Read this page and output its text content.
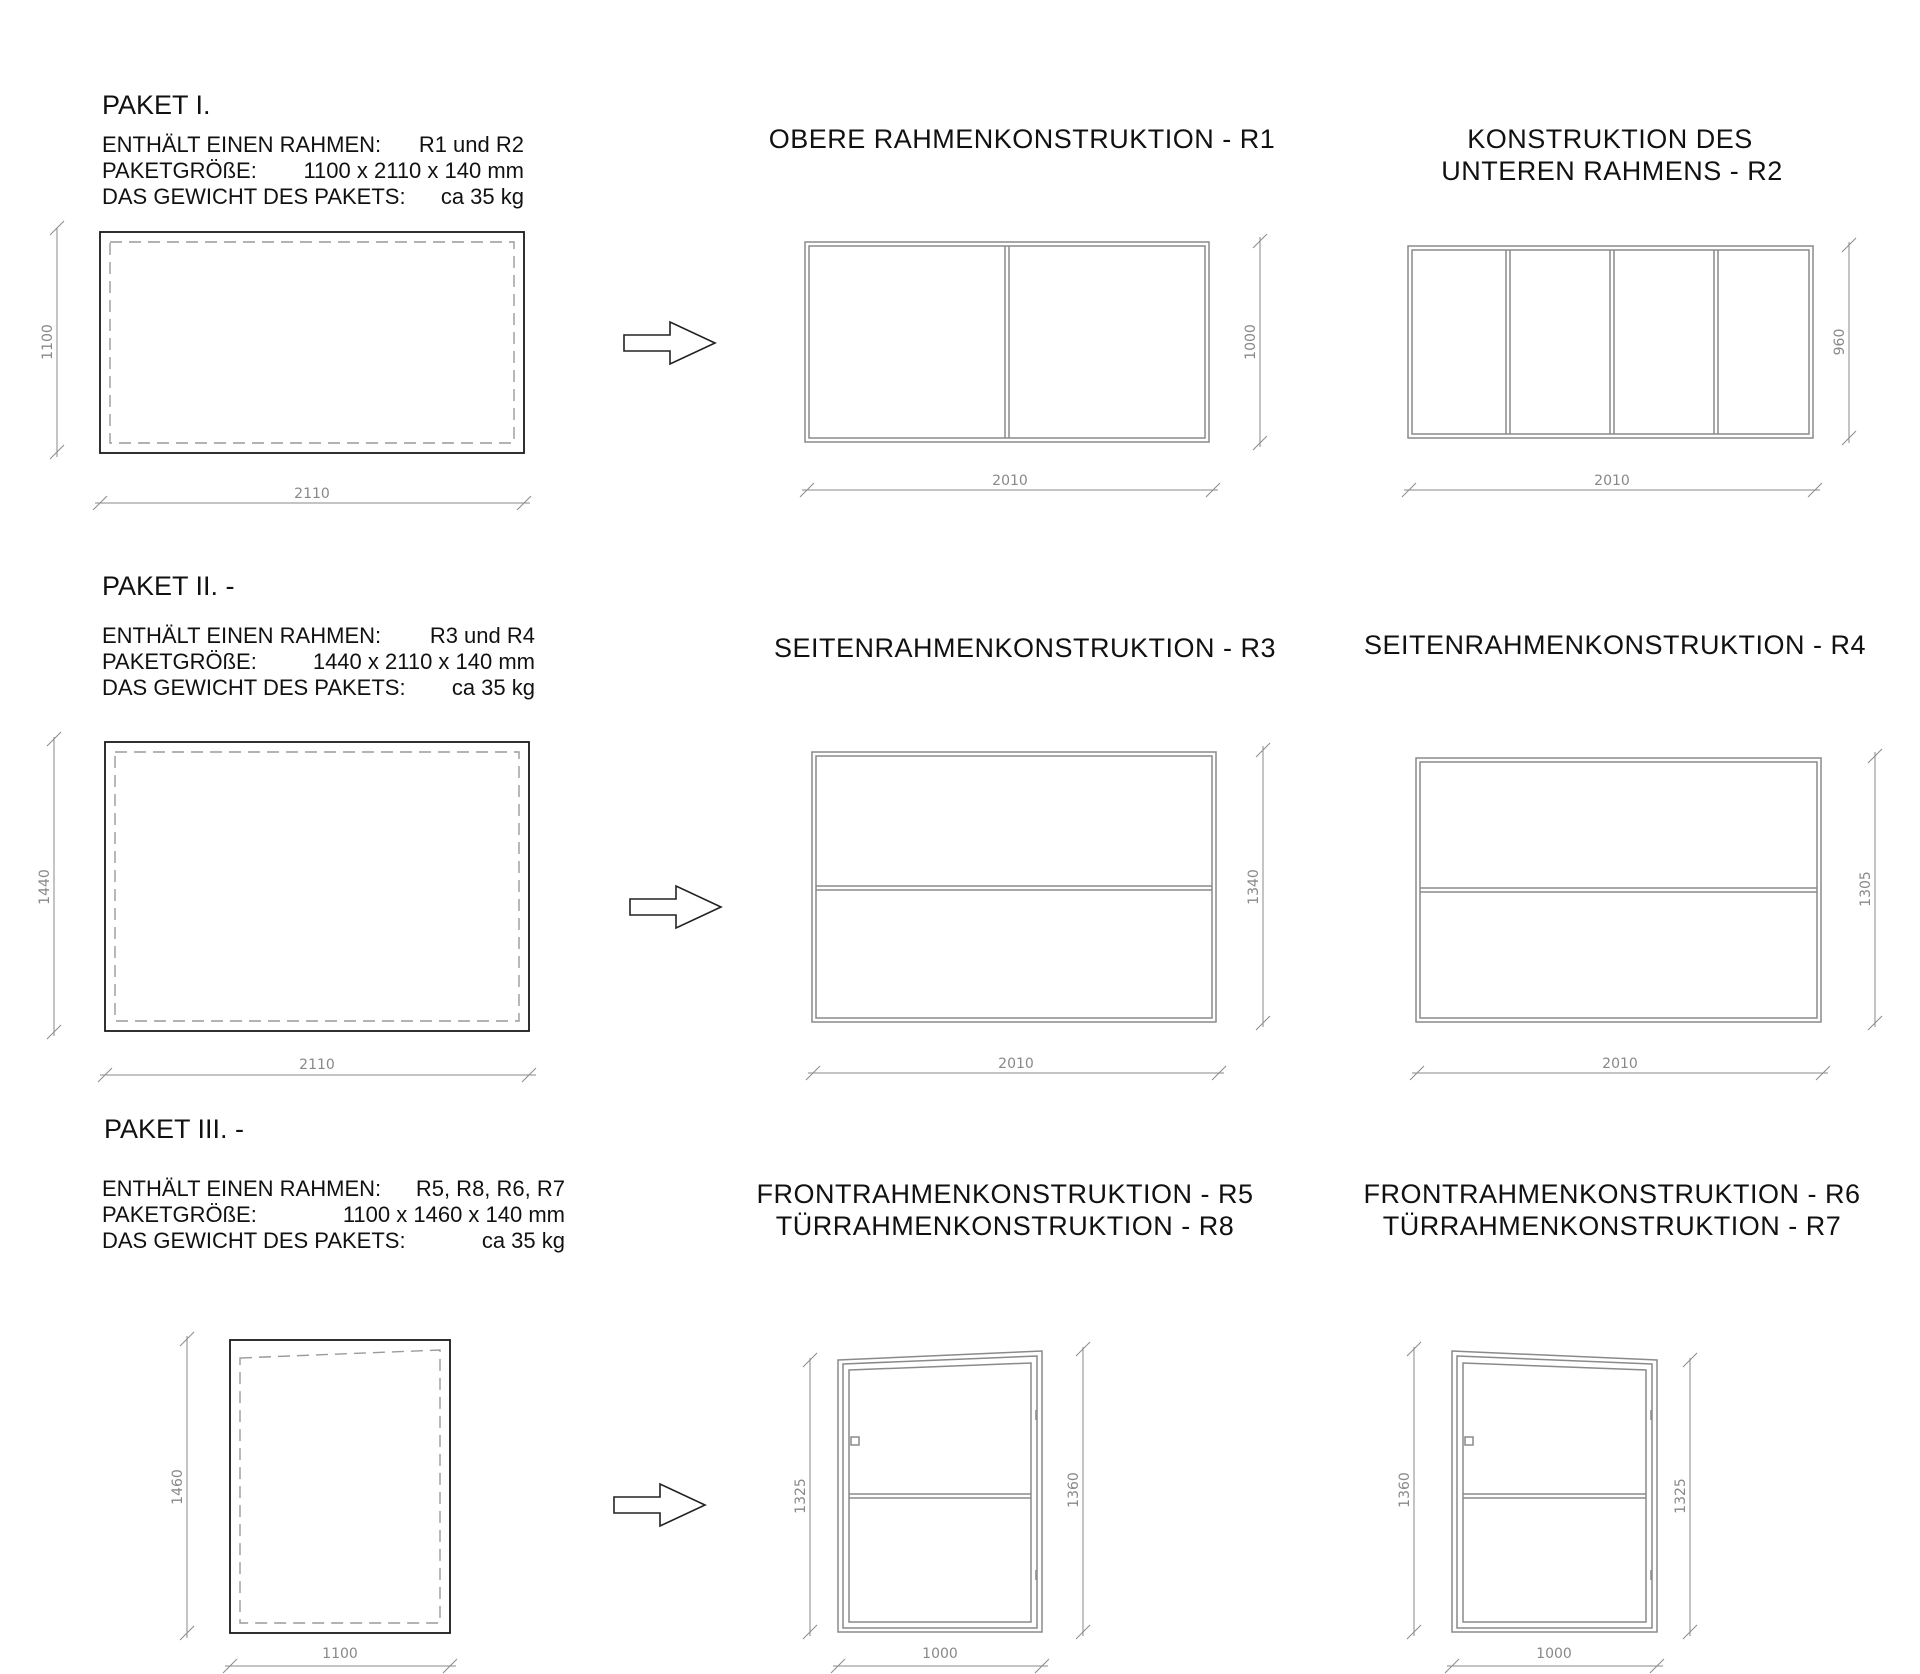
PAKET I.
ENTHÄLT EINEN RAHMEN: R1 und R2
PAKETGRÖßE: 1100 x 2110 x 140 mm
DAS GEWICHT DES PAKETS: ca 35 kg
1100
2110
OBERE RAHMENKONSTRUKTION - R1
1000
2010
KONSTRUKTION DES
UNTEREN RAHMENS - R2
960
2010
PAKET II. -
ENTHÄLT EINEN RAHMEN: R3 und R4
PAKETGRÖßE:	1440 x 2110 x 140 mm
DAS GEWICHT DES PAKETS: ca 35 kg
1440
2110
SEITENRAHMENKONSTRUKTION - R3
1340
2010
SEITENRAHMENKONSTRUKTION - R4
1305
2010
PAKET III. -
ENTHÄLT EINEN RAHMEN: R5, R8, R6, R7
PAKETGRÖßE:	1100 x 1460 x 140 mm
DAS GEWICHT DES PAKETS:	ca 35 kg
1460
1100
FRONTRAHMENKONSTRUKTION - R5
TÜRRAHMENKONSTRUKTION - R8
1325	1360
1000
FRONTRAHMENKONSTRUKTION - R6
TÜRRAHMENKONSTRUKTION - R7
1360	1325
1000
